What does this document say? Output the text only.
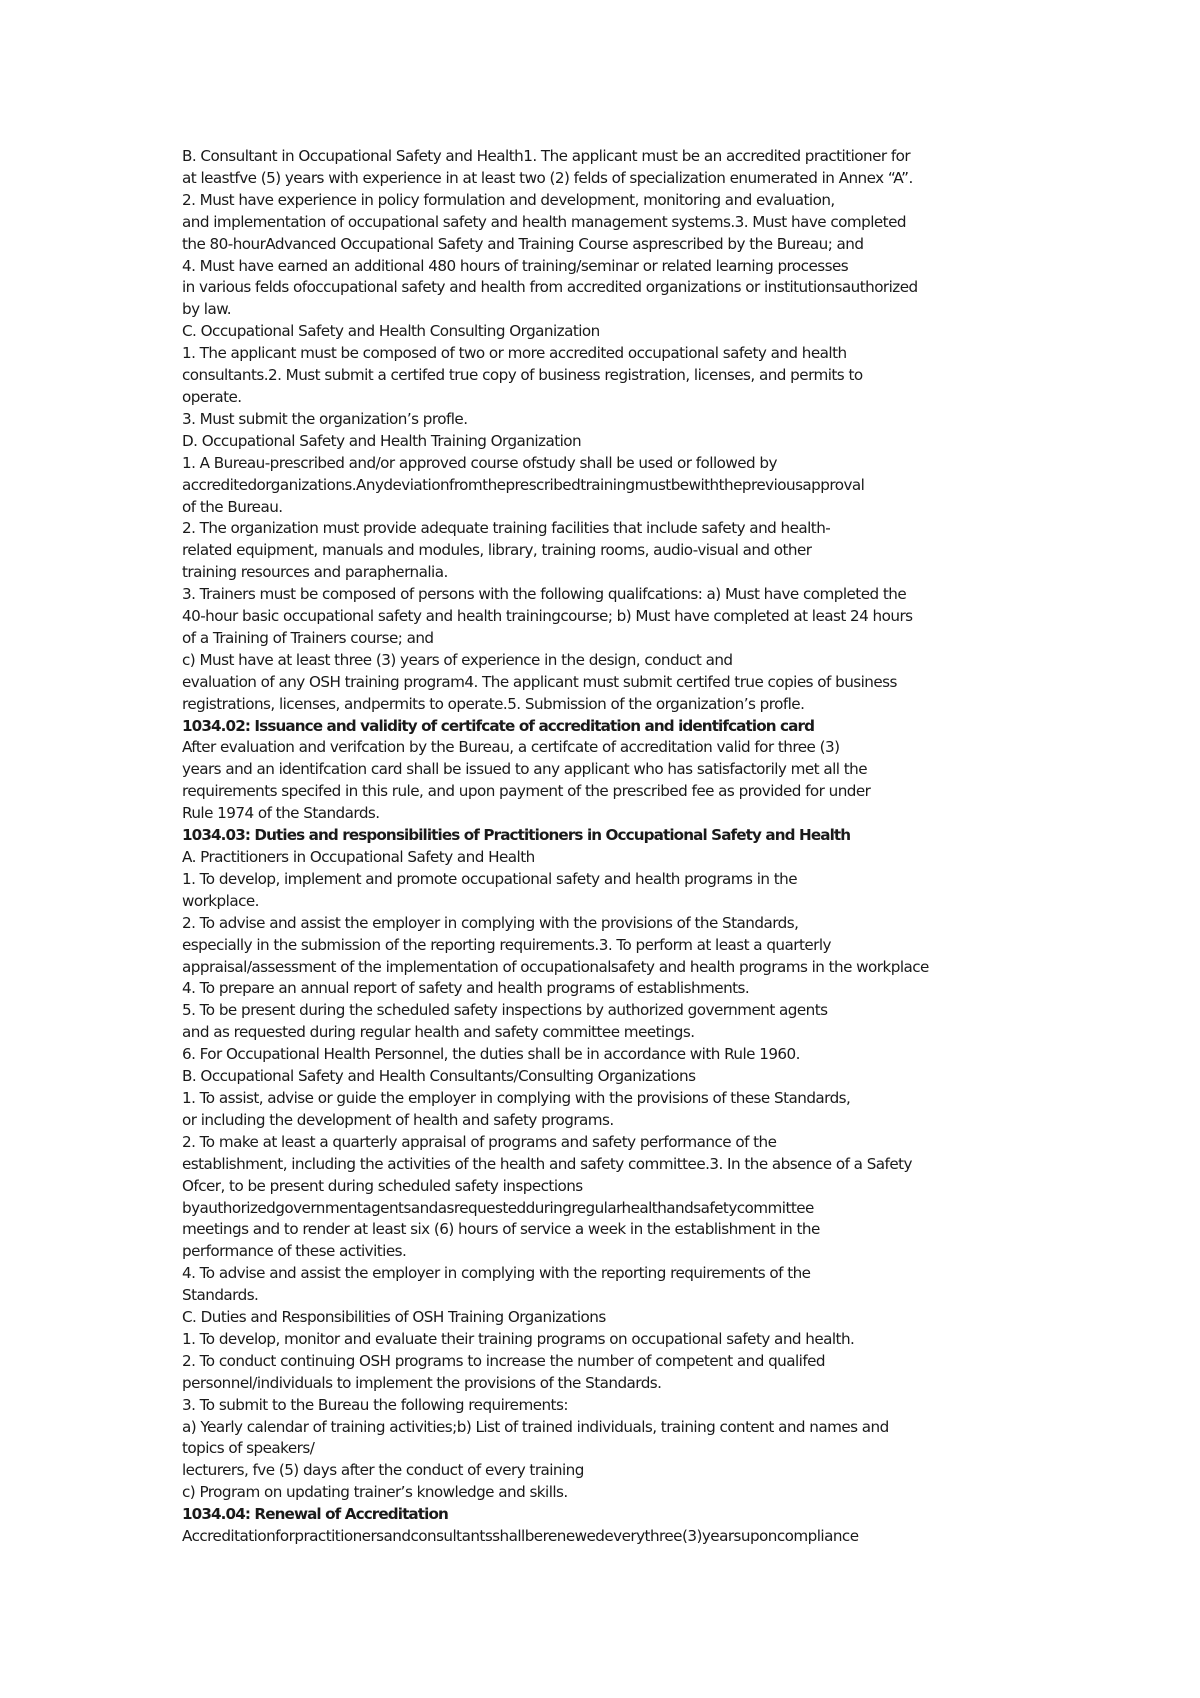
B. Consultant in Occupational Safety and Health1. The applicant must be an accredited practitioner for
at leastfve (5) years with experience in at least two (2) felds of specialization enumerated in Annex “A”.
2. Must have experience in policy formulation and development, monitoring and evaluation,
and implementation of occupational safety and health management systems.3. Must have completed
the 80-hourAdvanced Occupational Safety and Training Course asprescribed by the Bureau; and
4. Must have earned an additional 480 hours of training/seminar or related learning processes
in various felds ofoccupational safety and health from accredited organizations or institutionsauthorized
by law.
C. Occupational Safety and Health Consulting Organization
1. The applicant must be composed of two or more accredited occupational safety and health
consultants.2. Must submit a certifed true copy of business registration, licenses, and permits to
operate.
3. Must submit the organization’s profle.
D. Occupational Safety and Health Training Organization
1. A Bureau-prescribed and/or approved course ofstudy shall be used or followed by
accreditedorganizations.Anydeviationfromtheprescribedtrainingmustbewiththepreviousapproval
of the Bureau.
2. The organization must provide adequate training facilities that include safety and health-
related equipment, manuals and modules, library, training rooms, audio-visual and other
training resources and paraphernalia.
3. Trainers must be composed of persons with the following qualifcations: a) Must have completed the
40-hour basic occupational safety and health trainingcourse; b) Must have completed at least 24 hours
of a Training of Trainers course; and
c) Must have at least three (3) years of experience in the design, conduct and
evaluation of any OSH training program4. The applicant must submit certifed true copies of business
registrations, licenses, andpermits to operate.5. Submission of the organization’s profle.
1034.02: Issuance and validity of certifcate of accreditation and identifcation card
After evaluation and verifcation by the Bureau, a certifcate of accreditation valid for three (3)
years and an identifcation card shall be issued to any applicant who has satisfactorily met all the
requirements specifed in this rule, and upon payment of the prescribed fee as provided for under
Rule 1974 of the Standards.
1034.03: Duties and responsibilities of Practitioners in Occupational Safety and Health
A. Practitioners in Occupational Safety and Health
1. To develop, implement and promote occupational safety and health programs in the
workplace.
2. To advise and assist the employer in complying with the provisions of the Standards,
especially in the submission of the reporting requirements.3. To perform at least a quarterly
appraisal/assessment of the implementation of occupationalsafety and health programs in the workplace
4. To prepare an annual report of safety and health programs of establishments.
5. To be present during the scheduled safety inspections by authorized government agents
and as requested during regular health and safety committee meetings.
6. For Occupational Health Personnel, the duties shall be in accordance with Rule 1960.
B. Occupational Safety and Health Consultants/Consulting Organizations
1. To assist, advise or guide the employer in complying with the provisions of these Standards,
or including the development of health and safety programs.
2. To make at least a quarterly appraisal of programs and safety performance of the
establishment, including the activities of the health and safety committee.3. In the absence of a Safety
Ofcer, to be present during scheduled safety inspections
byauthorizedgovernmentagentsandasrequestedduringregularhealthandsafetycommittee
meetings and to render at least six (6) hours of service a week in the establishment in the
performance of these activities.
4. To advise and assist the employer in complying with the reporting requirements of the
Standards.
C. Duties and Responsibilities of OSH Training Organizations
1. To develop, monitor and evaluate their training programs on occupational safety and health.
2. To conduct continuing OSH programs to increase the number of competent and qualifed
personnel/individuals to implement the provisions of the Standards.
3. To submit to the Bureau the following requirements:
a) Yearly calendar of training activities;b) List of trained individuals, training content and names and
topics of speakers/
lecturers, fve (5) days after the conduct of every training
c) Program on updating trainer’s knowledge and skills.
1034.04: Renewal of Accreditation
Accreditationforpractitionersandconsultantsshallberenewedeverythree(3)yearsuponcompliance
